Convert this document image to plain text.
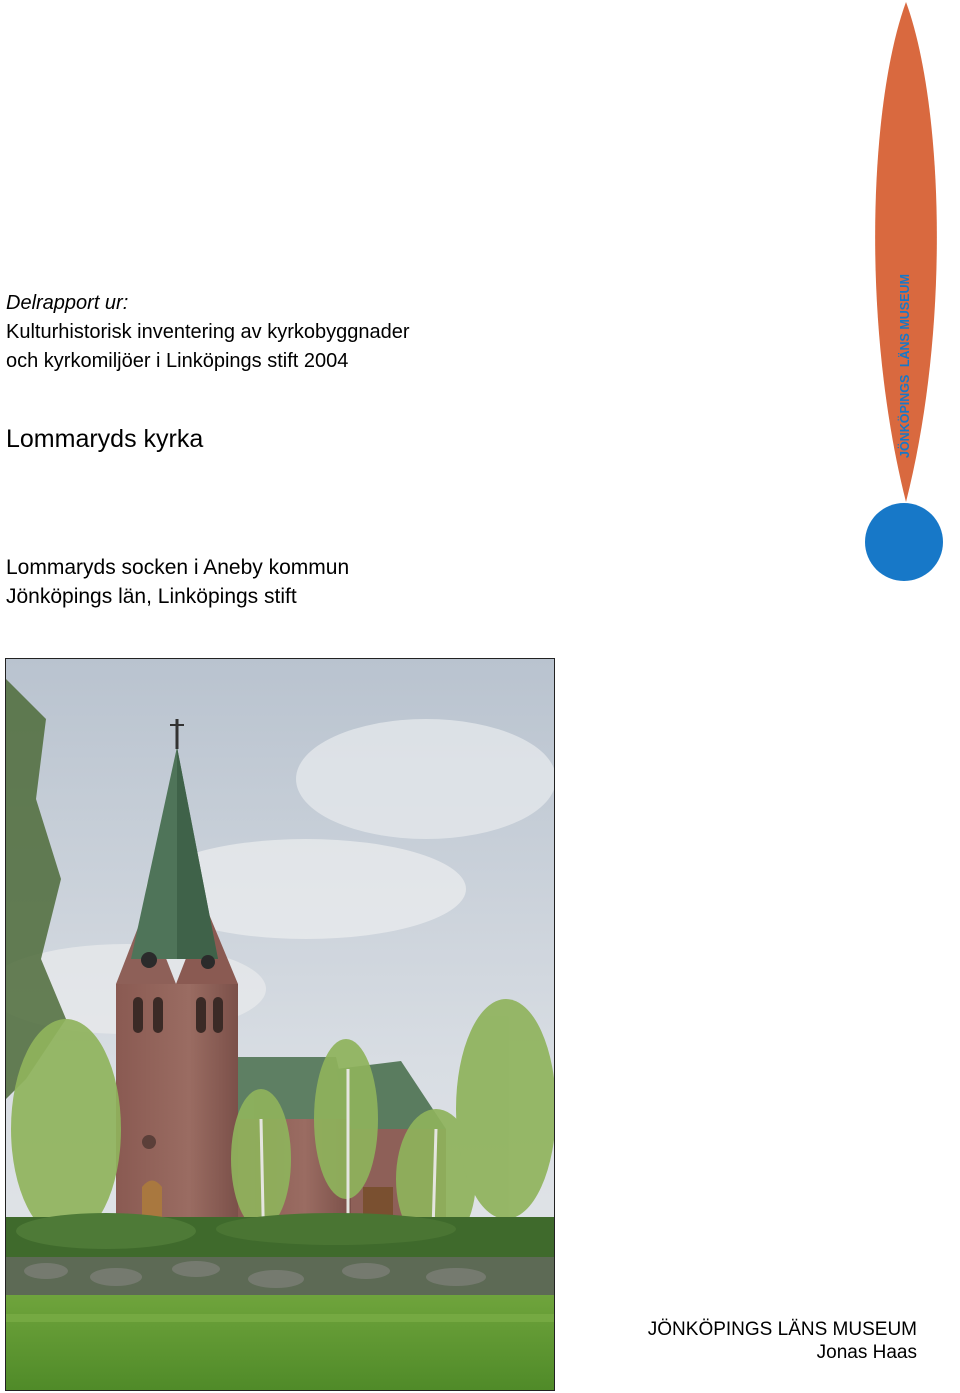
Delrapport ur:
Kulturhistorisk inventering av kyrkobyggnader
och kyrkomiljöer i Linköpings stift 2004
Lommaryds kyrka
Lommaryds socken i Aneby kommun
Jönköpings län, Linköpings stift
JÖNKÖPINGS LÄNS MUSEUM
JÖNKÖPINGS LÄNS MUSEUM
Jonas Haas
